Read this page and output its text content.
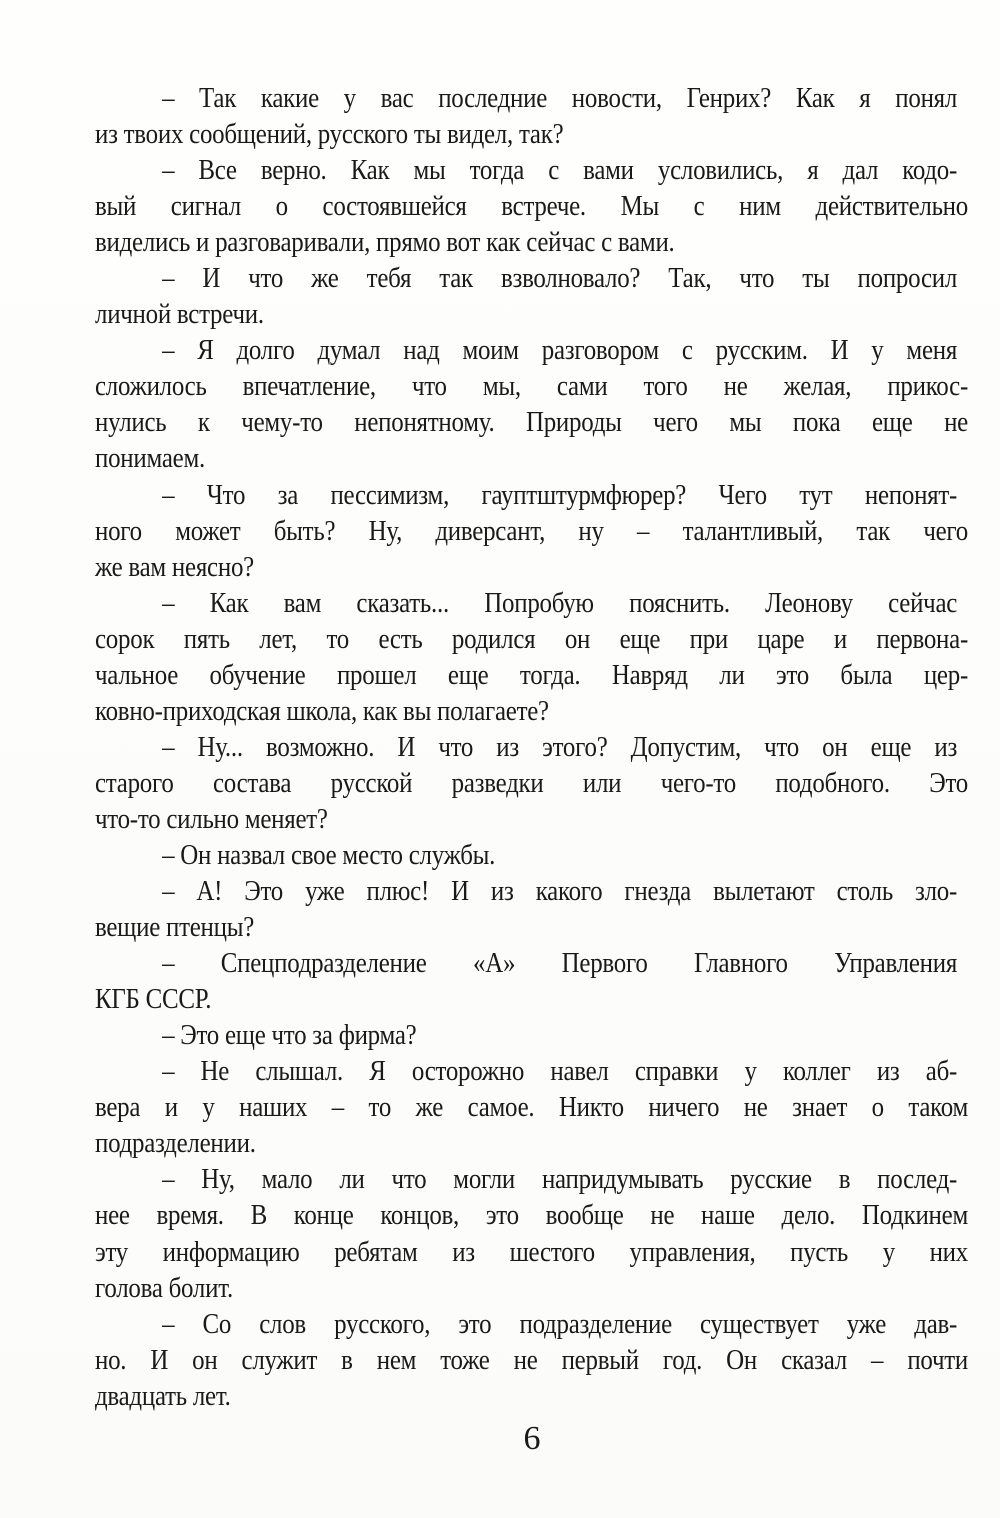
– Так какие у вас последние новости, Генрих? Как я понял
из твоих сообщений, русского ты видел, так?
– Все верно. Как мы тогда с вами условились, я дал кодо-
вый сигнал о состоявшейся встрече. Мы с ним действительно
виделись и разговаривали, прямо вот как сейчас с вами.
– И что же тебя так взволновало? Так, что ты попросил
личной встречи.
– Я долго думал над моим разговором с русским. И у меня
сложилось впечатление, что мы, сами того не желая, прикос-
нулись к чему-то непонятному. Природы чего мы пока еще не
понимаем.
– Что за пессимизм, гауптштурмфюрер? Чего тут непонят-
ного может быть? Ну, диверсант, ну – талантливый, так чего
же вам неясно?
– Как вам сказать... Попробую пояснить. Леонову сейчас
сорок пять лет, то есть родился он еще при царе и первона-
чальное обучение прошел еще тогда. Навряд ли это была цер-
ковно-приходская школа, как вы полагаете?
– Ну... возможно. И что из этого? Допустим, что он еще из
старого состава русской разведки или чего-то подобного. Это
что-то сильно меняет?
– Он назвал свое место службы.
– А! Это уже плюс! И из какого гнезда вылетают столь зло-
вещие птенцы?
– Спецподразделение «А» Первого Главного Управления
КГБ СССР.
– Это еще что за фирма?
– Не слышал. Я осторожно навел справки у коллег из аб-
вера и у наших – то же самое. Никто ничего не знает о таком
подразделении.
– Ну, мало ли что могли напридумывать русские в послед-
нее время. В конце концов, это вообще не наше дело. Подкинем
эту информацию ребятам из шестого управления, пусть у них
голова болит.
– Со слов русского, это подразделение существует уже дав-
но. И он служит в нем тоже не первый год. Он сказал – почти
двадцать лет.
6
